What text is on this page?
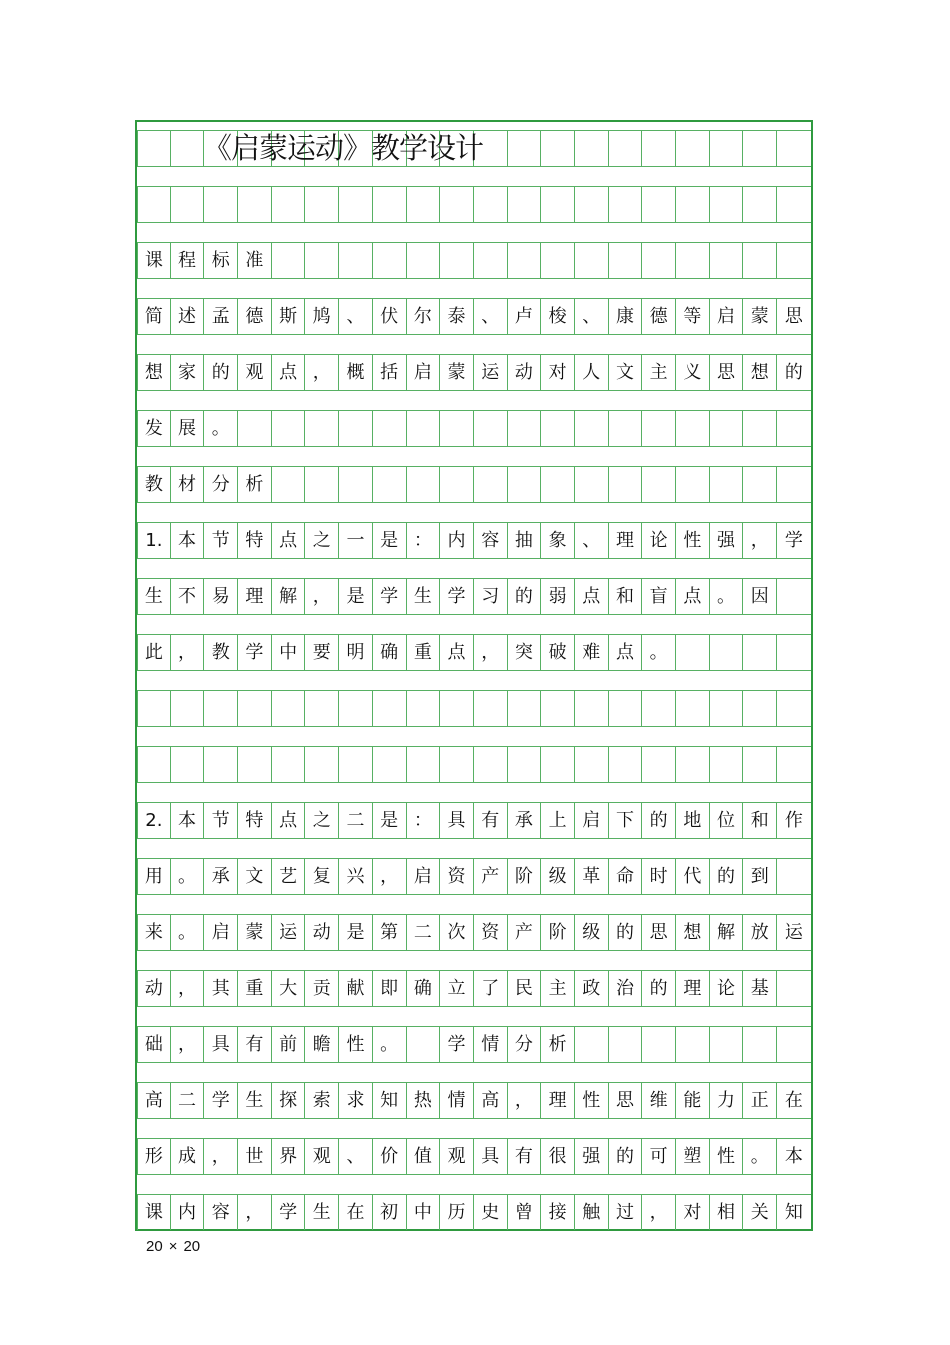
《启蒙运动》教学设计
课 程 标 准
简 述 孟 德 斯 鸠 、 伏 尔 泰 、 卢 梭 、 康 德 等 启 蒙 思
想 家 的 观 点 ， 概 括 启 蒙 运 动 对 人 文 主 义 思 想 的
发 展 。
教 材 分 析
1. 本 节 特 点 之 一 是 ： 内 容 抽 象 、 理 论 性 强 ， 学
生 不 易 理 解 ， 是 学 生 学 习 的 弱 点 和 盲 点 。 因
此 ， 教 学 中 要 明 确 重 点 ， 突 破 难 点 。
2. 本 节 特 点 之 二 是 ： 具 有 承 上 启 下 的 地 位 和 作
用 。 承 文 艺 复 兴 ， 启 资 产 阶 级 革 命 时 代 的 到
来 。 启 蒙 运 动 是 第 二 次 资 产 阶 级 的 思 想 解 放 运
动 ， 其 重 大 贡 献 即 确 立 了 民 主 政 治 的 理 论 基
础 ， 具 有 前 瞻 性 。	学 情 分 析
高 二 学 生 探 索 求 知 热 情 高 ， 理 性 思 维 能 力 正 在
形 成 ， 世 界 观 、 价 值 观 具 有 很 强 的 可 塑 性 。 本
课 内 容 ， 学 生 在 初 中 历 史 曾 接 触 过 ， 对 相 关 知
20 × 20
